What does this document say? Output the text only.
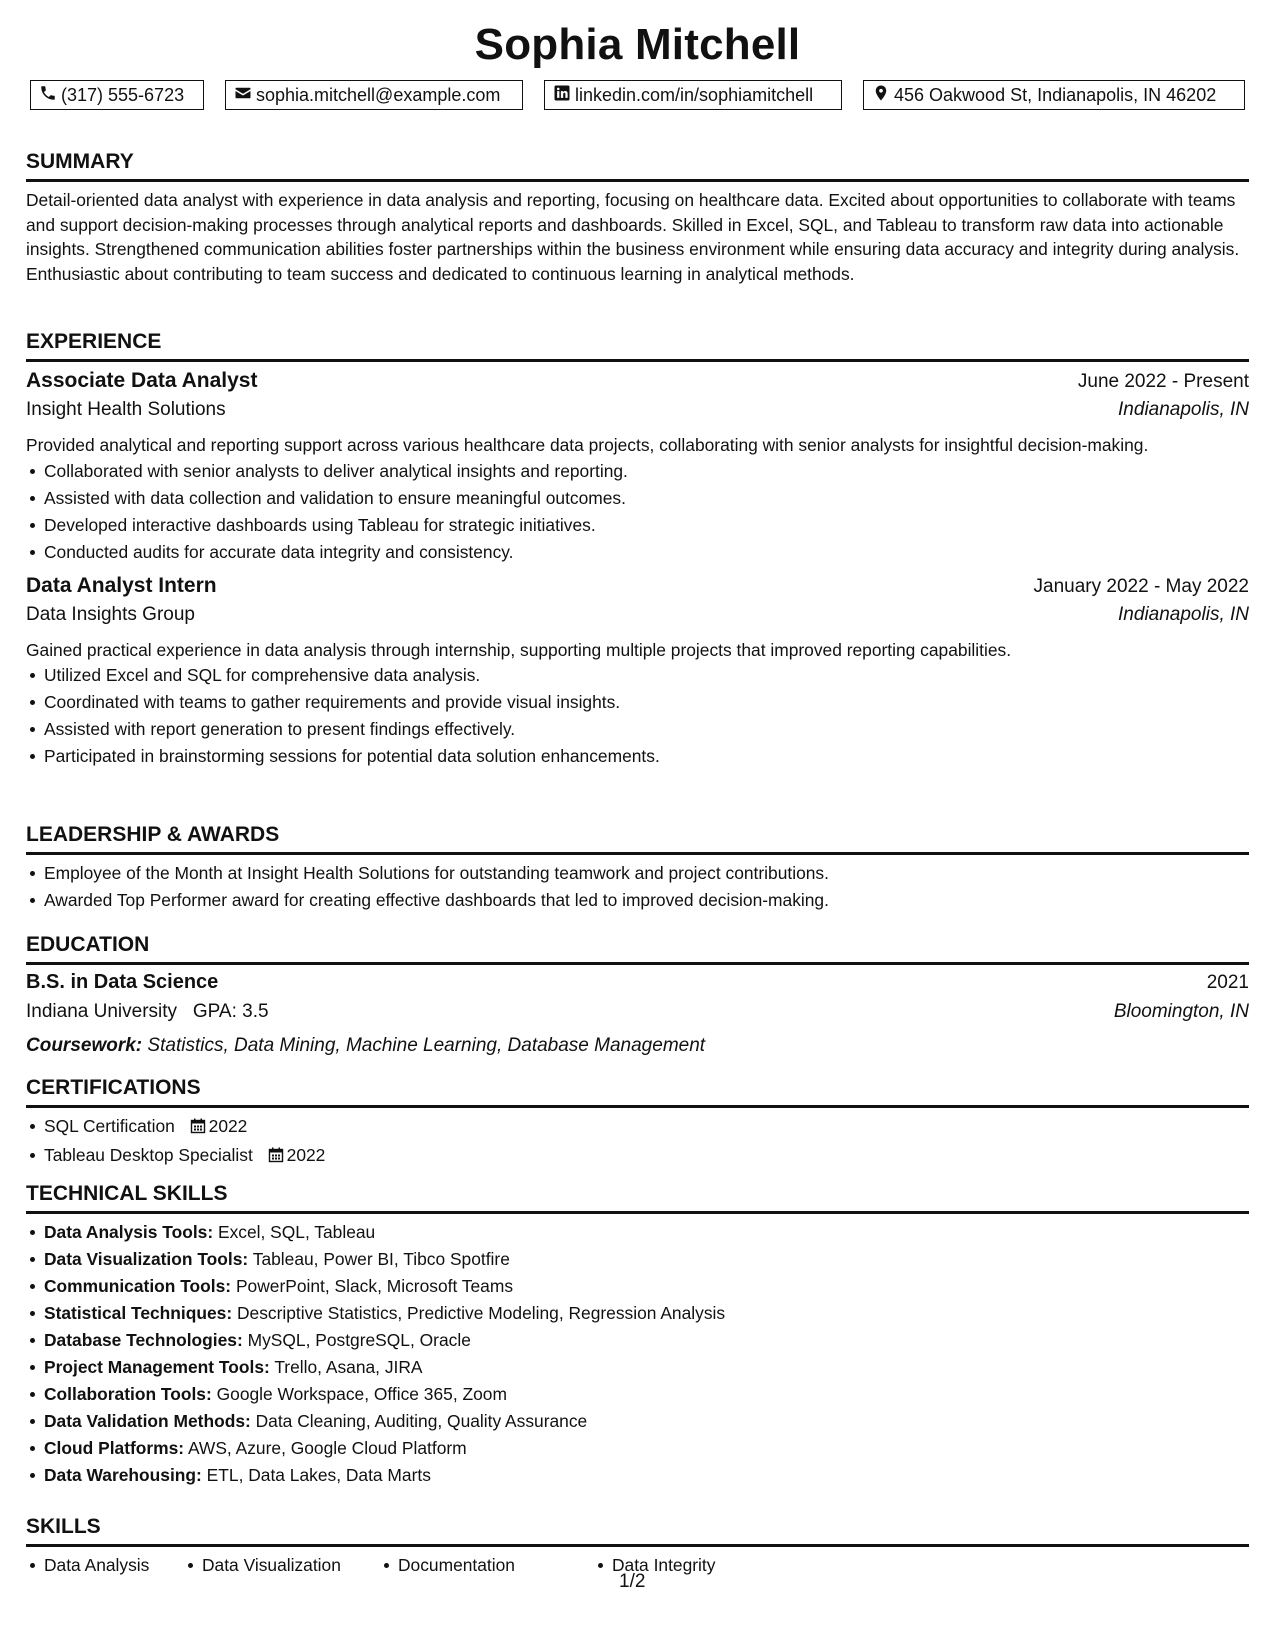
Sophia Mitchell
(317) 555-6723	sophia.mitchell@example.com	linkedin.com/in/sophiamitchell	456 Oakwood St, Indianapolis, IN 46202
SUMMARY
Detail-oriented data analyst with experience in data analysis and reporting, focusing on healthcare data. Excited about opportunities to collaborate with teams and support decision-making processes through analytical reports and dashboards. Skilled in Excel, SQL, and Tableau to transform raw data into actionable insights. Strengthened communication abilities foster partnerships within the business environment while ensuring data accuracy and integrity during analysis. Enthusiastic about contributing to team success and dedicated to continuous learning in analytical methods.
EXPERIENCE
Associate Data Analyst	June 2022 - Present
Insight Health Solutions	Indianapolis, IN
Provided analytical and reporting support across various healthcare data projects, collaborating with senior analysts for insightful decision-making.
Collaborated with senior analysts to deliver analytical insights and reporting.
Assisted with data collection and validation to ensure meaningful outcomes.
Developed interactive dashboards using Tableau for strategic initiatives.
Conducted audits for accurate data integrity and consistency.
Data Analyst Intern	January 2022 - May 2022
Data Insights Group	Indianapolis, IN
Gained practical experience in data analysis through internship, supporting multiple projects that improved reporting capabilities.
Utilized Excel and SQL for comprehensive data analysis.
Coordinated with teams to gather requirements and provide visual insights.
Assisted with report generation to present findings effectively.
Participated in brainstorming sessions for potential data solution enhancements.
LEADERSHIP & AWARDS
Employee of the Month at Insight Health Solutions for outstanding teamwork and project contributions.
Awarded Top Performer award for creating effective dashboards that led to improved decision-making.
EDUCATION
B.S. in Data Science	2021
Indiana University GPA: 3.5	Bloomington, IN
Coursework: Statistics, Data Mining, Machine Learning, Database Management
CERTIFICATIONS
SQL Certification 2022
Tableau Desktop Specialist 2022
TECHNICAL SKILLS
Data Analysis Tools: Excel, SQL, Tableau
Data Visualization Tools: Tableau, Power BI, Tibco Spotfire
Communication Tools: PowerPoint, Slack, Microsoft Teams
Statistical Techniques: Descriptive Statistics, Predictive Modeling, Regression Analysis
Database Technologies: MySQL, PostgreSQL, Oracle
Project Management Tools: Trello, Asana, JIRA
Collaboration Tools: Google Workspace, Office 365, Zoom
Data Validation Methods: Data Cleaning, Auditing, Quality Assurance
Cloud Platforms: AWS, Azure, Google Cloud Platform
Data Warehousing: ETL, Data Lakes, Data Marts
SKILLS
Data Analysis	Data Visualization	Documentation	Data Integrity
1/2
